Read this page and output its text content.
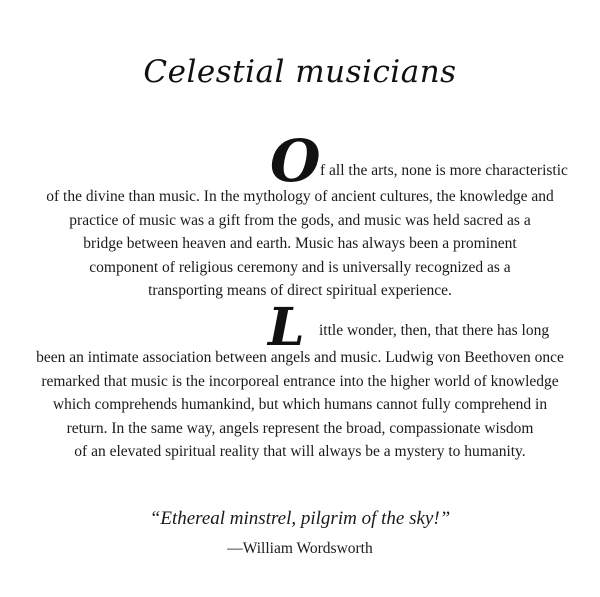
Celestial musicians
O f all the arts, none is more characteristic
of the divine than music. In the mythology of ancient cultures, the knowledge and
practice of music was a gift from the gods, and music was held sacred as a
bridge between heaven and earth. Music has always been a prominent
component of religious ceremony and is universally recognized as a
transporting means of direct spiritual experience.
L ittle wonder, then, that there has long
been an intimate association between angels and music. Ludwig von Beethoven once
remarked that music is the incorporeal entrance into the higher world of knowledge
which comprehends humankind, but which humans cannot fully comprehend in
return. In the same way, angels represent the broad, compassionate wisdom
of an elevated spiritual reality that will always be a mystery to humanity.
“Ethereal minstrel, pilgrim of the sky!”
—William Wordsworth
